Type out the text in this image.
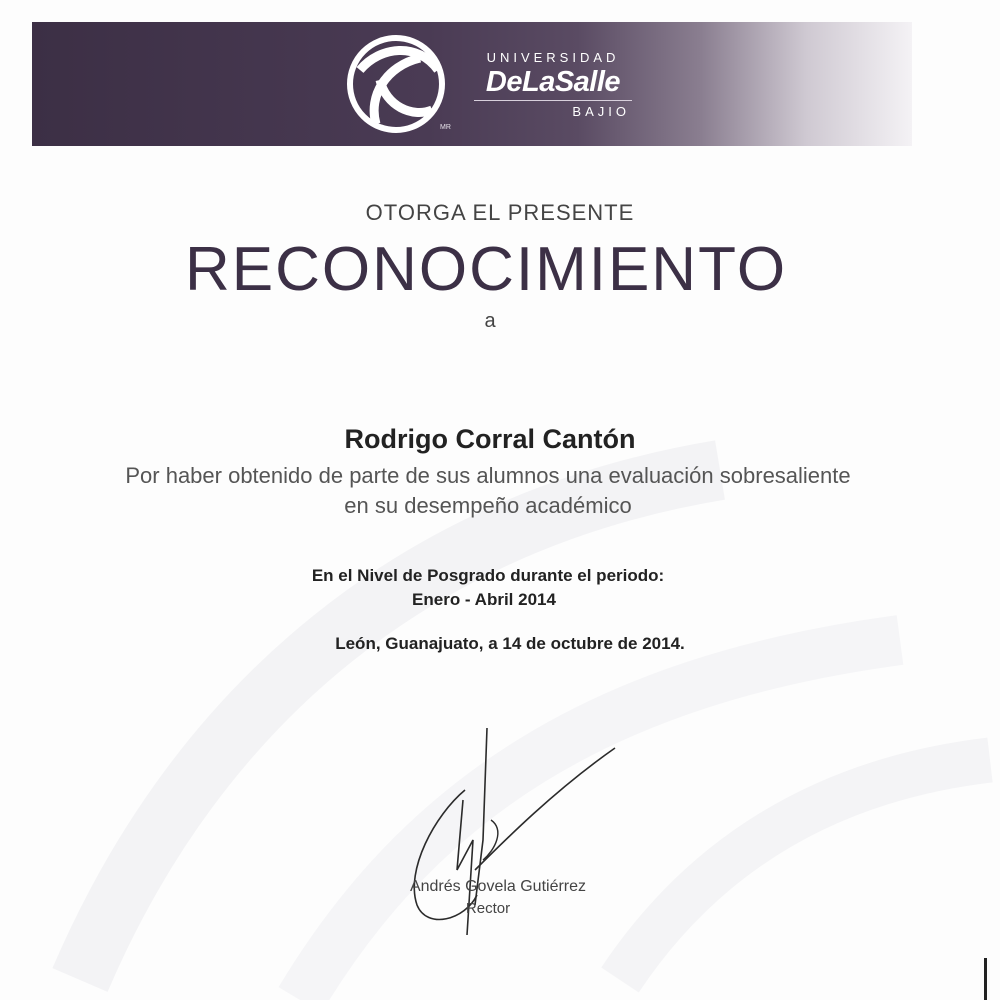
UNIVERSIDAD
DeLaSalle
BAJIO
MR
OTORGA EL PRESENTE
RECONOCIMIENTO
a
Rodrigo Corral Cantón
Por haber obtenido de parte de sus alumnos una evaluación sobresaliente
en su desempeño académico
En el Nivel de Posgrado durante el periodo:
Enero - Abril 2014
León, Guanajuato, a 14 de octubre de 2014.
Andrés Govela Gutiérrez
Rector
